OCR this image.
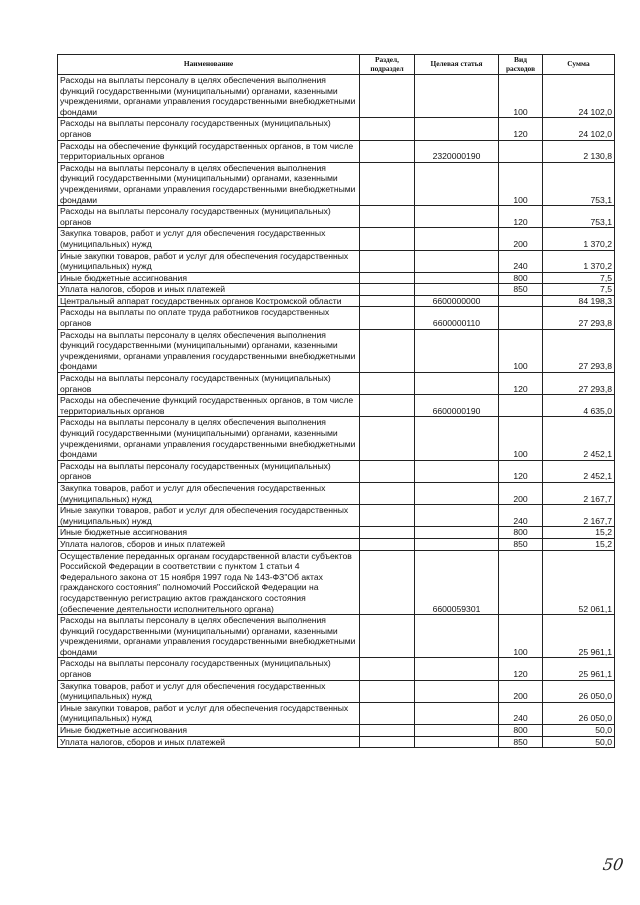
Наименование	Раздел, подраздел	Целевая статья	Вид расходов	Сумма
Расходы на выплаты персоналу в целях обеспечения выполнения функций государственными (муниципальными) органами, казенными учреждениями, органами управления государственными внебюджетными фондами			100	24 102,0
Расходы на выплаты персоналу государственных (муниципальных) органов			120	24 102,0
Расходы на обеспечение функций государственных органов, в том числе территориальных органов		2320000190		2 130,8
Расходы на выплаты персоналу в целях обеспечения выполнения функций государственными (муниципальными) органами, казенными учреждениями, органами управления государственными внебюджетными фондами			100	753,1
Расходы на выплаты персоналу государственных (муниципальных) органов			120	753,1
Закупка товаров, работ и услуг для обеспечения государственных (муниципальных) нужд			200	1 370,2
Иные закупки товаров, работ и услуг для обеспечения государственных (муниципальных) нужд			240	1 370,2
Иные бюджетные ассигнования			800	7,5
Уплата налогов, сборов и иных платежей			850	7,5
Центральный аппарат государственных органов Костромской области		6600000000		84 198,3
Расходы на выплаты по оплате труда работников государственных органов		6600000110		27 293,8
Расходы на выплаты персоналу в целях обеспечения выполнения функций государственными (муниципальными) органами, казенными учреждениями, органами управления государственными внебюджетными фондами			100	27 293,8
Расходы на выплаты персоналу государственных (муниципальных) органов			120	27 293,8
Расходы на обеспечение функций государственных органов, в том числе территориальных органов		6600000190		4 635,0
Расходы на выплаты персоналу в целях обеспечения выполнения функций государственными (муниципальными) органами, казенными учреждениями, органами управления государственными внебюджетными фондами			100	2 452,1
Расходы на выплаты персоналу государственных (муниципальных) органов			120	2 452,1
Закупка товаров, работ и услуг для обеспечения государственных (муниципальных) нужд			200	2 167,7
Иные закупки товаров, работ и услуг для обеспечения государственных (муниципальных) нужд			240	2 167,7
Иные бюджетные ассигнования			800	15,2
Уплата налогов, сборов и иных платежей			850	15,2
Осуществление переданных органам государственной власти субъектов Российской Федерации в соответствии с пунктом 1 статьи 4 Федерального закона от 15 ноября 1997 года № 143-ФЗ"Об актах гражданского состояния" полномочий Российской Федерации на государственную регистрацию актов гражданского состояния (обеспечение деятельности исполнительного органа)		6600059301		52 061,1
Расходы на выплаты персоналу в целях обеспечения выполнения функций государственными (муниципальными) органами, казенными учреждениями, органами управления государственными внебюджетными фондами			100	25 961,1
Расходы на выплаты персоналу государственных (муниципальных) органов			120	25 961,1
Закупка товаров, работ и услуг для обеспечения государственных (муниципальных) нужд			200	26 050,0
Иные закупки товаров, работ и услуг для обеспечения государственных (муниципальных) нужд			240	26 050,0
Иные бюджетные ассигнования			800	50,0
Уплата налогов, сборов и иных платежей			850	50,0
50
